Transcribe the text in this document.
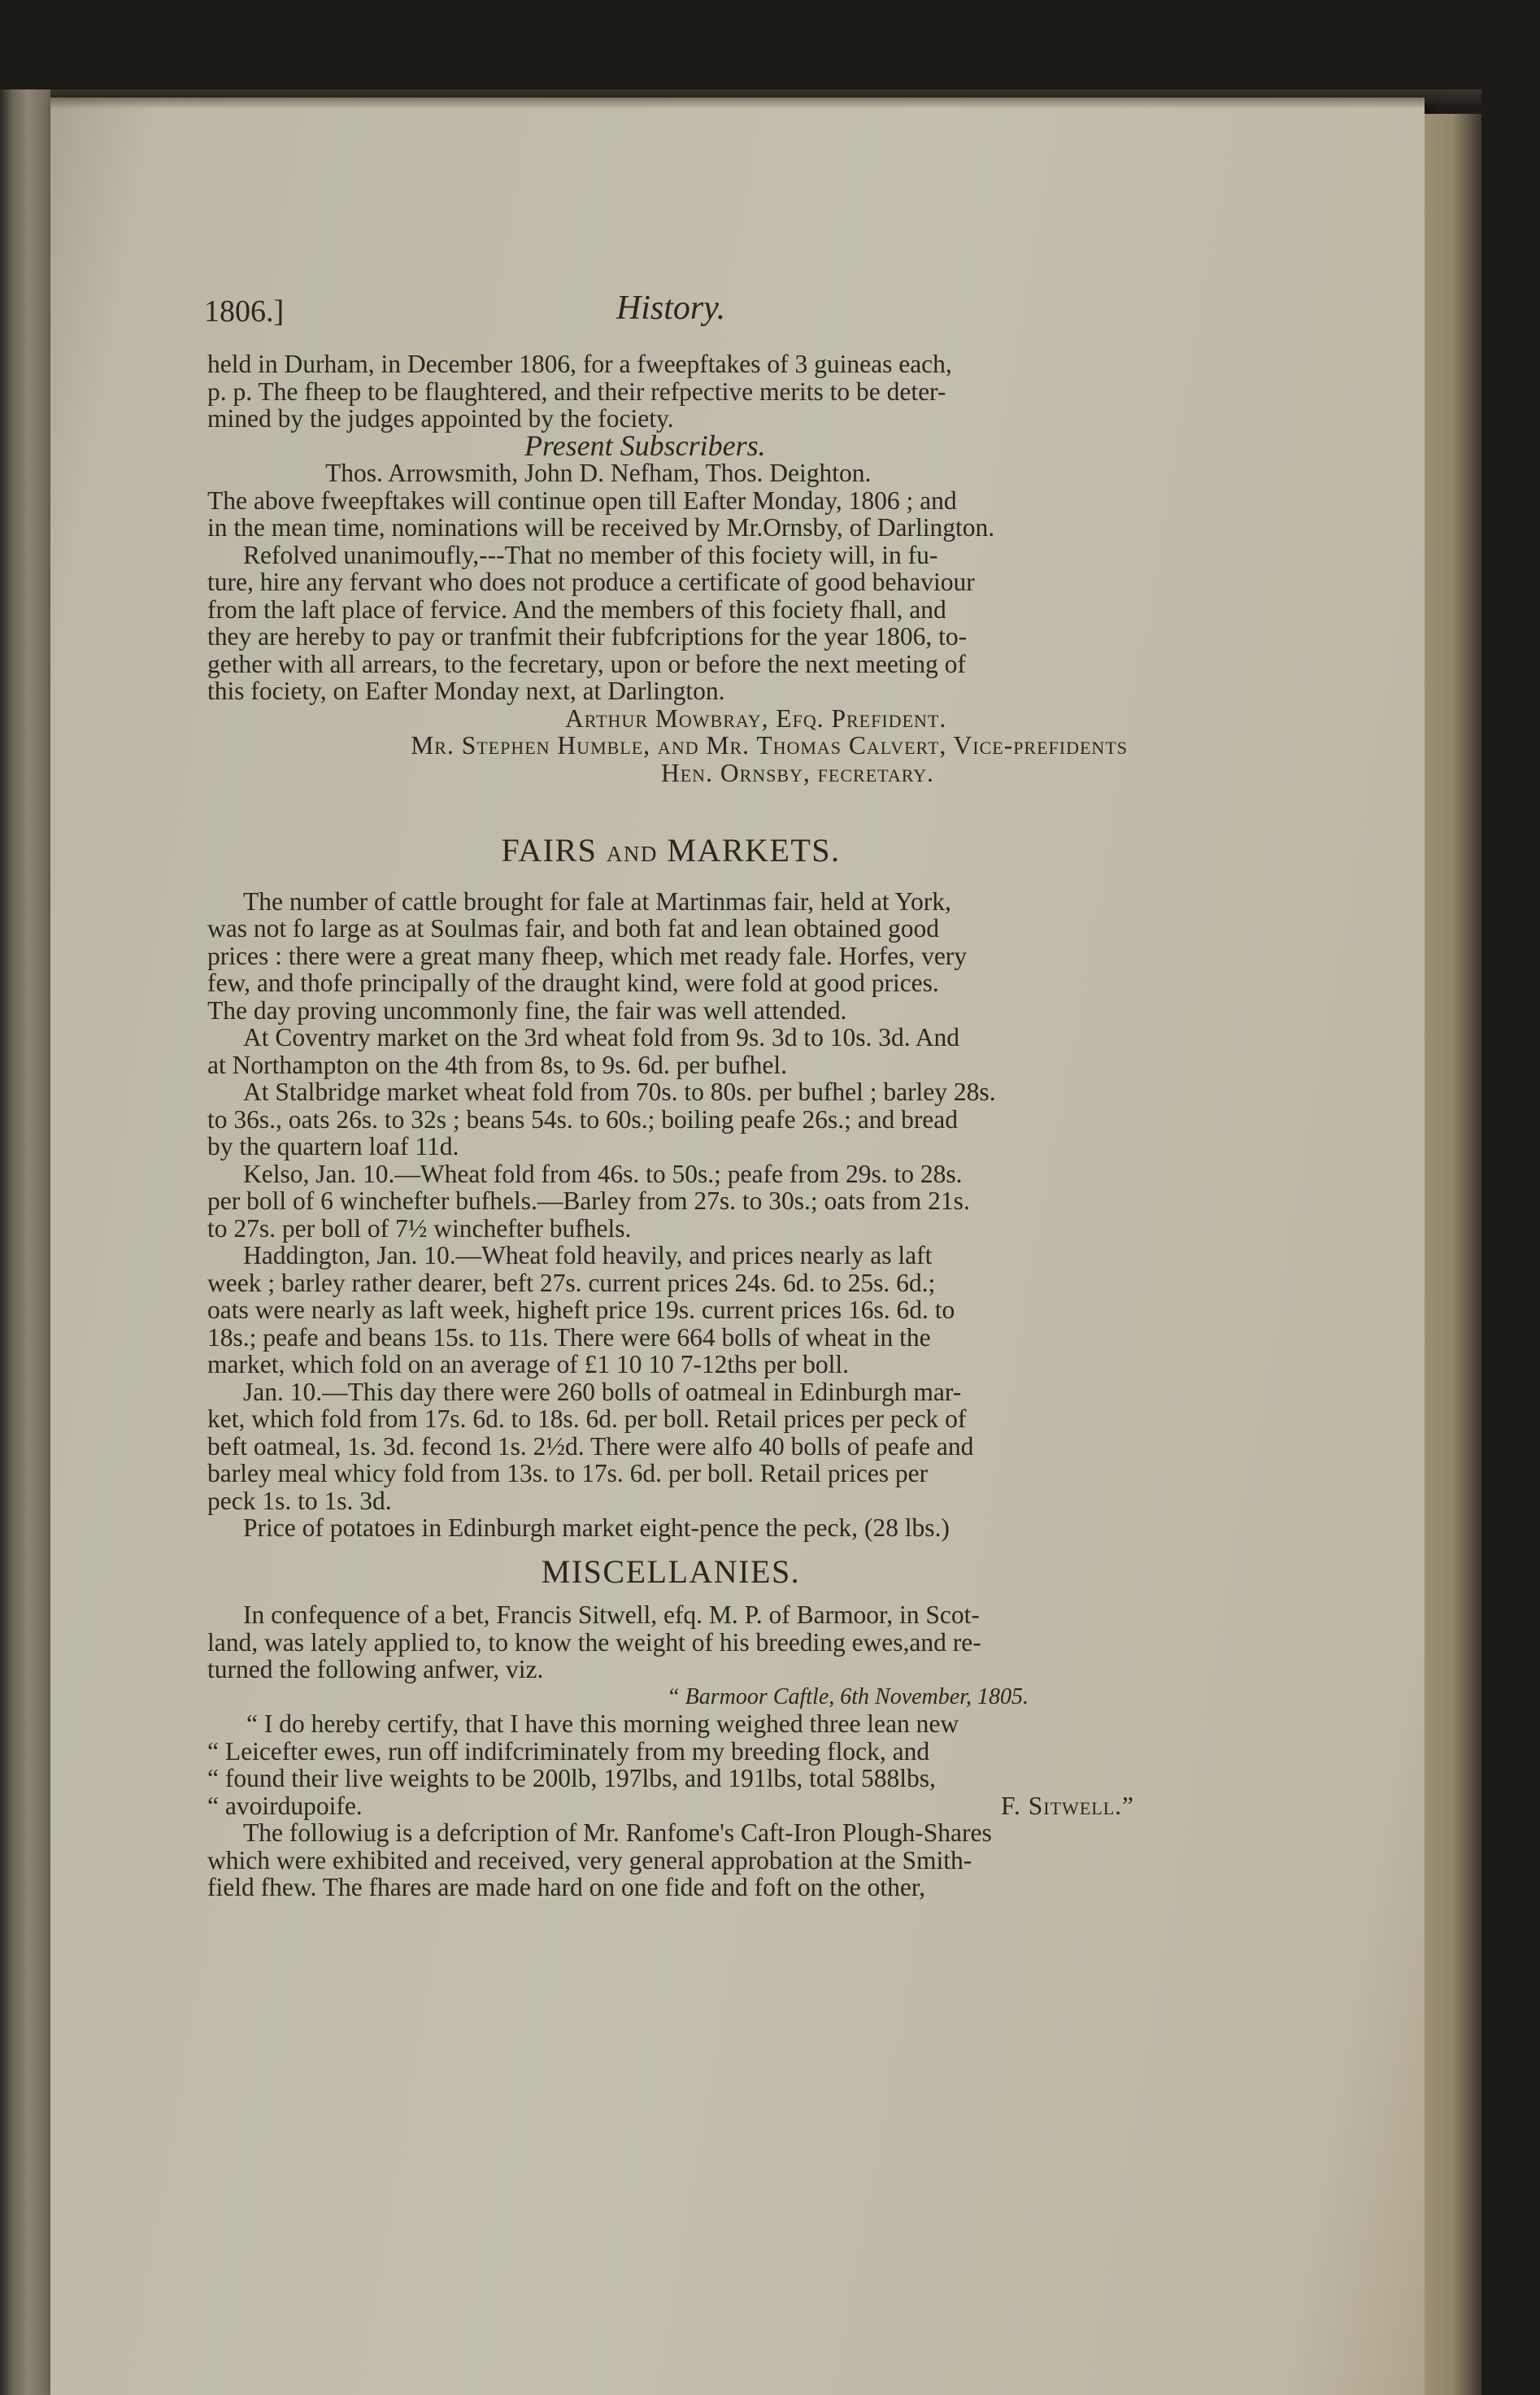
1806.]	History.
held in Durham, in December 1806, for a fweepftakes of 3 guineas each,
p. p. The fheep to be flaughtered, and their refpective merits to be deter-
mined by the judges appointed by the fociety.
Present Subscribers.
Thos. Arrowsmith, John D. Nefham, Thos. Deighton.
The above fweepftakes will continue open till Eafter Monday, 1806 ; and
in the mean time, nominations will be received by Mr.Ornsby, of Darlington.
Refolved unanimoufly,---That no member of this fociety will, in fu-
ture, hire any fervant who does not produce a certificate of good behaviour
from the laft place of fervice. And the members of this fociety fhall, and
they are hereby to pay or tranfmit their fubfcriptions for the year 1806, to-
gether with all arrears, to the fecretary, upon or before the next meeting of
this fociety, on Eafter Monday next, at Darlington.
Arthur Mowbray, Efq. Prefident.
Mr. Stephen Humble, and Mr. Thomas Calvert, Vice-prefidents
Hen. Ornsby, fecretary.
FAIRS AND MARKETS.
The number of cattle brought for fale at Martinmas fair, held at York,
was not fo large as at Soulmas fair, and both fat and lean obtained good
prices : there were a great many fheep, which met ready fale. Horfes, very
few, and thofe principally of the draught kind, were fold at good prices.
The day proving uncommonly fine, the fair was well attended.
At Coventry market on the 3rd wheat fold from 9s. 3d to 10s. 3d. And
at Northampton on the 4th from 8s, to 9s. 6d. per bufhel.
At Stalbridge market wheat fold from 70s. to 80s. per bufhel ; barley 28s.
to 36s., oats 26s. to 32s ; beans 54s. to 60s.; boiling peafe 26s.; and bread
by the quartern loaf 11d.
Kelso, Jan. 10.—Wheat fold from 46s. to 50s.; peafe from 29s. to 28s.
per boll of 6 winchefter bufhels.—Barley from 27s. to 30s.; oats from 21s.
to 27s. per boll of 7½ winchefter bufhels.
Haddington, Jan. 10.—Wheat fold heavily, and prices nearly as laft
week ; barley rather dearer, beft 27s. current prices 24s. 6d. to 25s. 6d.;
oats were nearly as laft week, higheft price 19s. current prices 16s. 6d. to
18s.; peafe and beans 15s. to 11s. There were 664 bolls of wheat in the
market, which fold on an average of £1 10 10 7-12ths per boll.
Jan. 10.—This day there were 260 bolls of oatmeal in Edinburgh mar-
ket, which fold from 17s. 6d. to 18s. 6d. per boll. Retail prices per peck of
beft oatmeal, 1s. 3d. fecond 1s. 2½d. There were alfo 40 bolls of peafe and
barley meal whicy fold from 13s. to 17s. 6d. per boll. Retail prices per
peck 1s. to 1s. 3d.
Price of potatoes in Edinburgh market eight-pence the peck, (28 lbs.)
MISCELLANIES.
In confequence of a bet, Francis Sitwell, efq. M. P. of Barmoor, in Scot-
land, was lately applied to, to know the weight of his breeding ewes,and re-
turned the following anfwer, viz.
“ Barmoor Caftle, 6th November, 1805.
“ I do hereby certify, that I have this morning weighed three lean new
“ Leicefter ewes, run off indifcriminately from my breeding flock, and
“ found their live weights to be 200lb, 197lbs, and 191lbs, total 588lbs,
“ avoirdupoife.	F. Sitwell.”
The followiug is a defcription of Mr. Ranfome's Caft-Iron Plough-Shares
which were exhibited and received, very general approbation at the Smith-
field fhew. The fhares are made hard on one fide and foft on the other,
